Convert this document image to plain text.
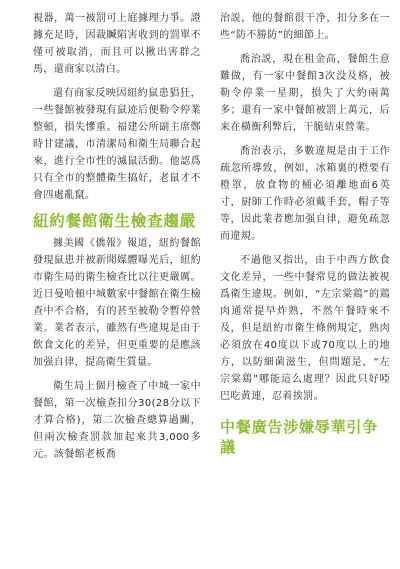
視器，萬一被罰可上庭據理力爭。證據充足時，因裁贓陷害收到的罰單不僅可被取消，而且可以揪出害群之馬，還商家以清白。

還有商家反映因紐約鼠患猖狂，一些餐館被發現有鼠迹后便勒令停業整頓，損失慘重。福建公所副主席鄭時甘建議，市清潔局和衛生局聯合起來，進行全市性的滅鼠活動。他認爲只有全市的整體衛生搞好，老鼠才不會四處亂竄。

紐約餐館衛生檢查趨嚴

據美國《僑報》報道，紐約餐館發現鼠患并被新聞媒體曝光后，紐約市衛生局的衛生檢查比以往更嚴厲。近日曼哈頓中城數家中餐館在衛生檢查中不合格，有的甚至被勒令暫停營業。業者表示，雖然有些違規是由于飲食文化的差异，但更重要的是應該加强自律，提高衛生質量。

衛生局上個月檢查了中城一家中餐館，第一次檢查扣分30(28分以下才算合格)，第二次檢查總算過關，但兩次檢查罰款加起來共3,000多元。該餐館老板喬

治説，他的餐館很干净，扣分多在一些“防不勝防”的細節上。

喬治説，現在租金高，餐館生意難做，有一家中餐館3次没及格，被勒令停業一星期，損失了大約兩萬多；還有一家中餐館被罰上萬元，后来在橫衡利弊后，干脆結束營業。

喬治表示，多數違規是由于工作疏忽所導致，例如，冰箱裏的橙要有橙罩，放食物的桶必須離地面6英寸，厨師工作時必須戴手套，帽子等等，因此業者應加强自律，避免疏忽而違規。

不過他又指出，由于中西方飲食文化差异，一些中餐常見的做法被視爲衛生違規。例如，“左宗棠鶏”的鶏肉通常提早炸熟，不然午餐時來不及，但是紐約市衛生條例規定，熟肉必須放在40度以下或70度以上的地方，以防細菌滋生，但問題是，“左宗棠鶏”哪能這么處理？因此只好啞巴吃黄連，忍着挨罰。

中餐廣告涉嫌辱華引争議
